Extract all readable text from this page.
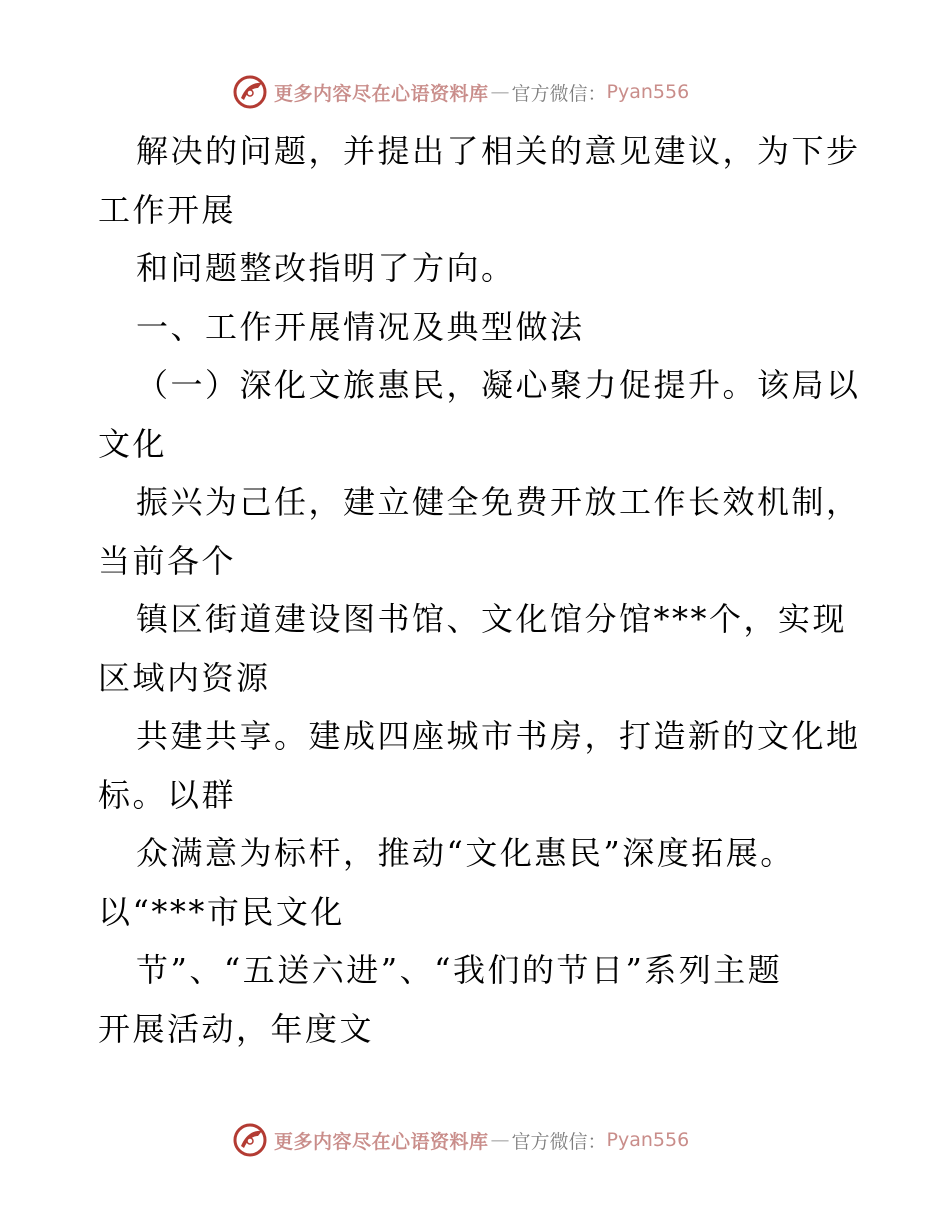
更多内容尽在心语资料库 — 官方微信： Pyan556
解决的问题，并提出了相关的意见建议，为下步
工作开展
和问题整改指明了方向。
一、工作开展情况及典型做法
（一）深化文旅惠民，凝心聚力促提升。该局以
文化
振兴为己任，建立健全免费开放工作长效机制，
当前各个
镇区街道建设图书馆、文化馆分馆***个，实现
区域内资源
共建共享。建成四座城市书房，打造新的文化地
标。以群
众满意为标杆，推动“文化惠民”深度拓展。
以“***市民文化
节”、“五送六进”、“我们的节日”系列主题
开展活动，年度文
更多内容尽在心语资料库 — 官方微信： Pyan556
